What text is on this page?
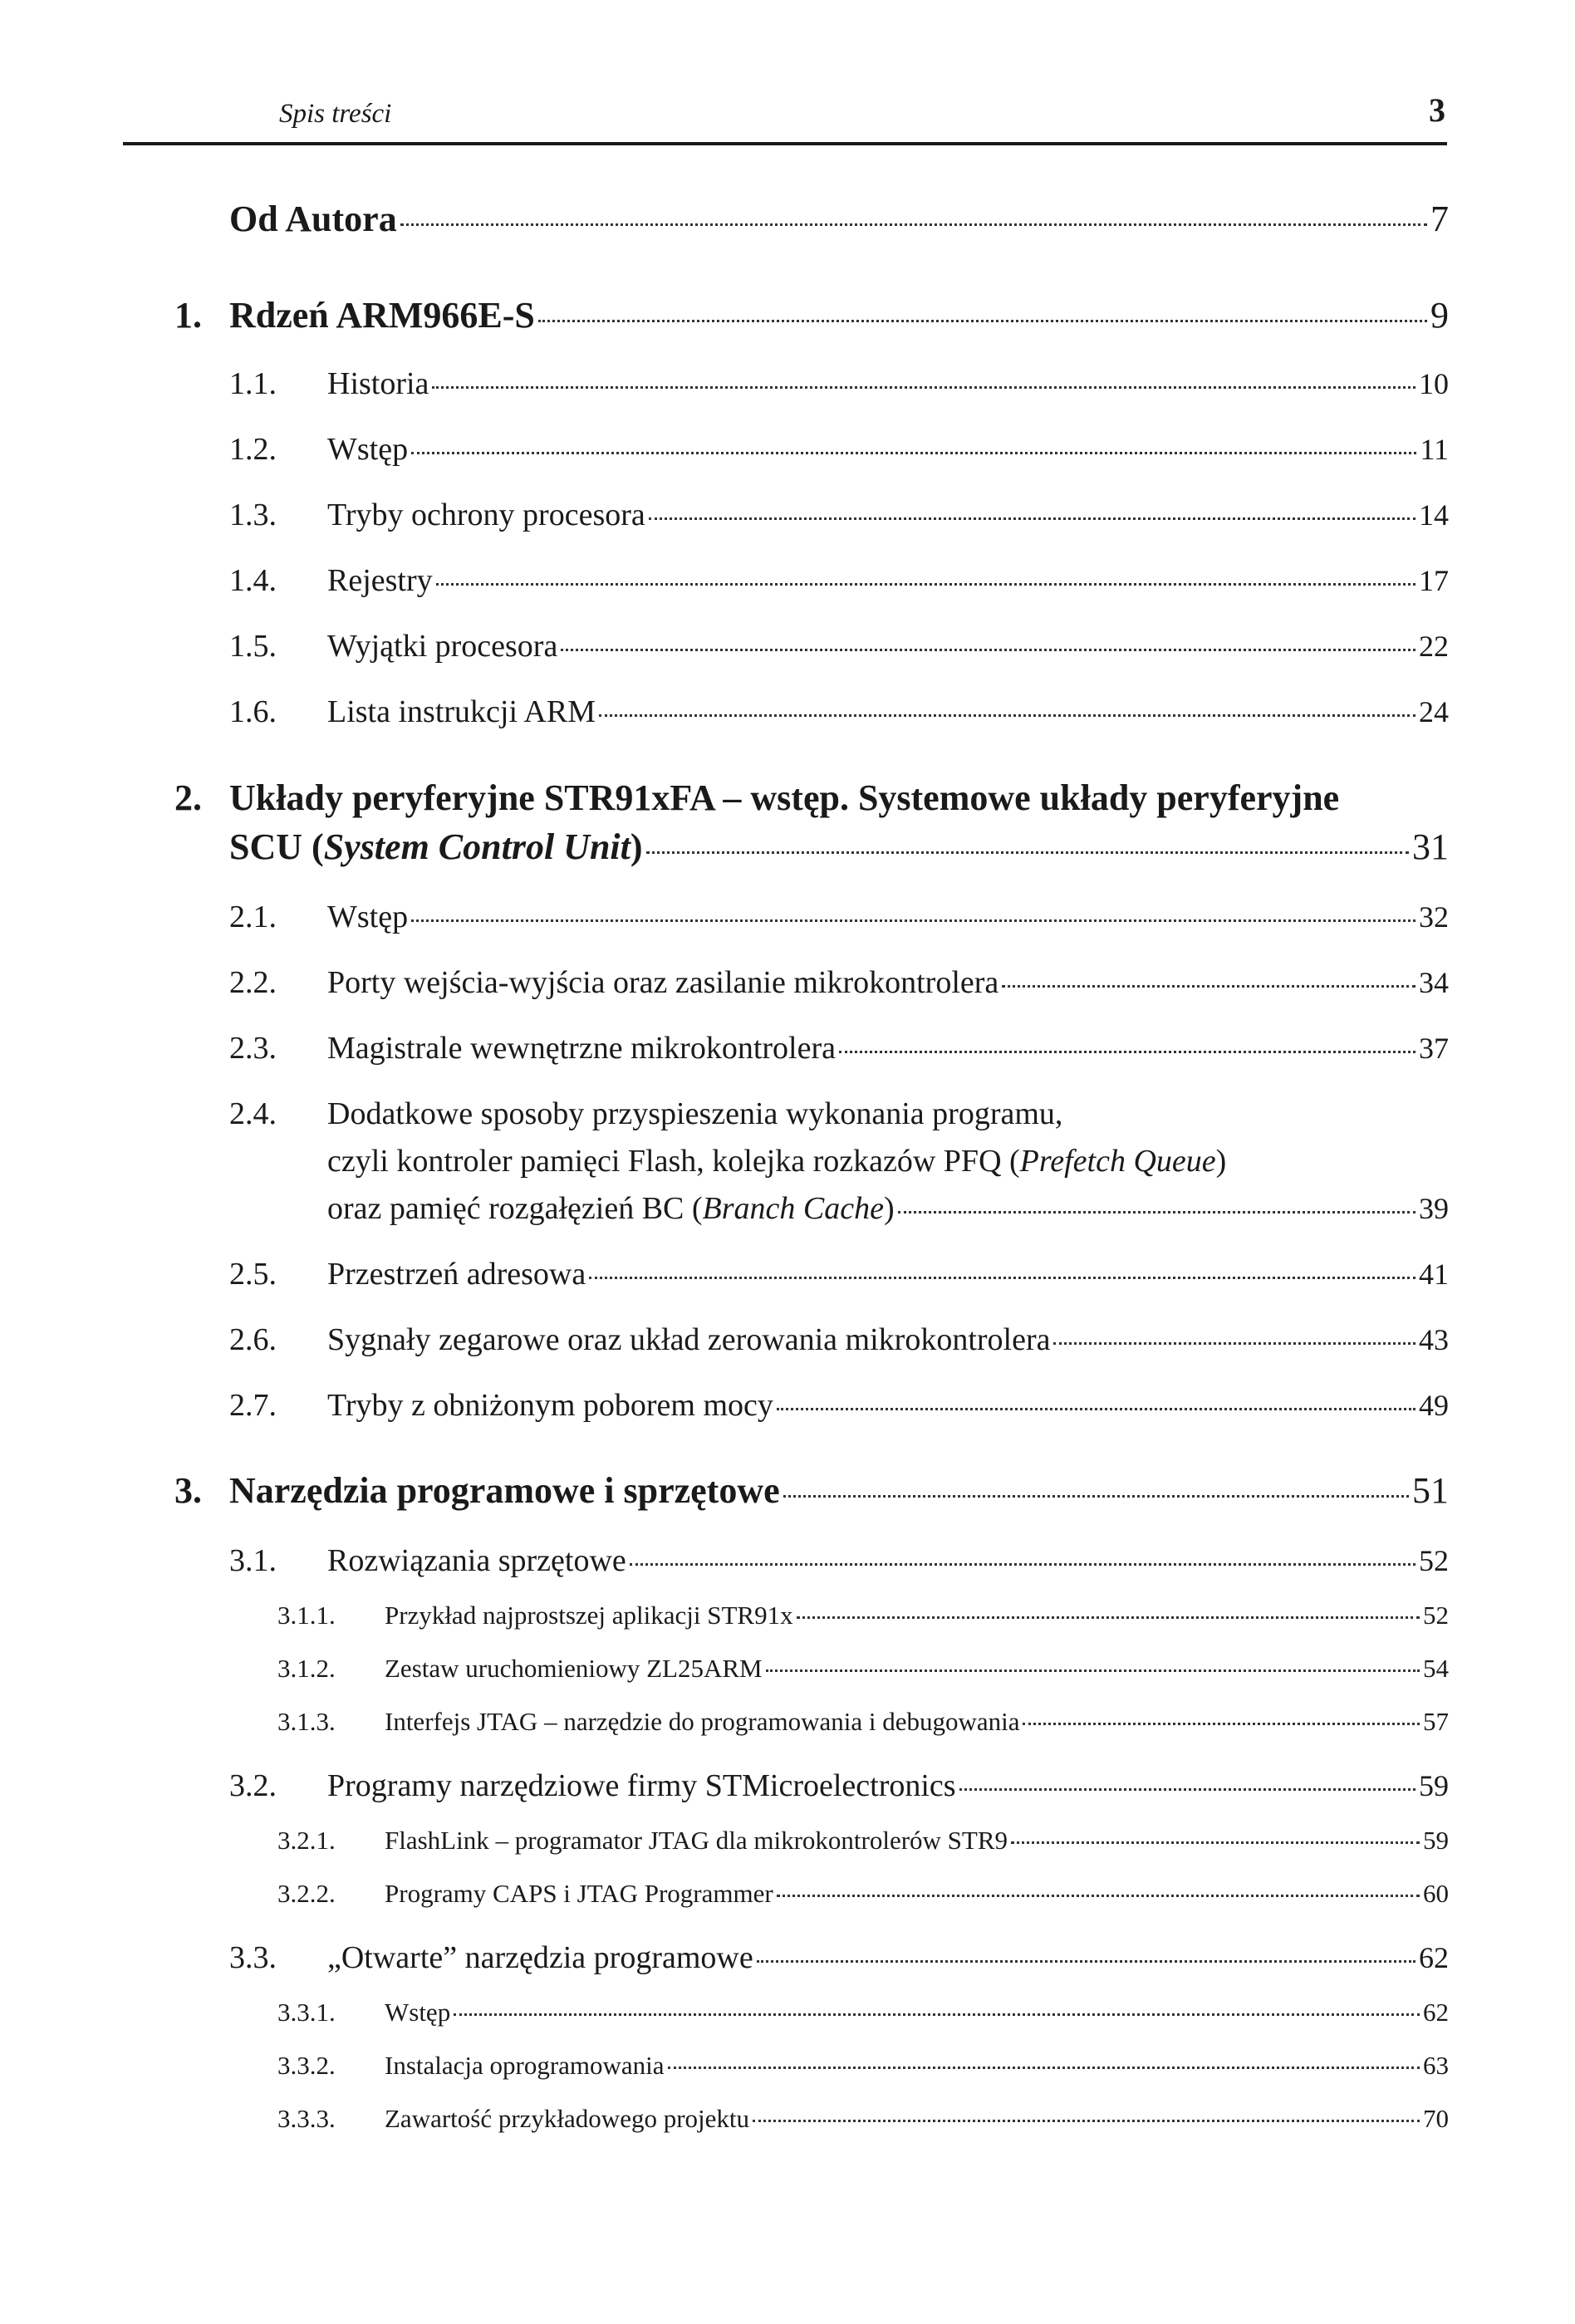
Spis treści	3
Od Autora	7
1. Rdzeń ARM966E-S	9
1.1. Historia	10
1.2. Wstęp	11
1.3. Tryby ochrony procesora	14
1.4. Rejestry	17
1.5. Wyjątki procesora	22
1.6. Lista instrukcji ARM	24
2. Układy peryferyjne STR91xFA – wstęp. Systemowe układy peryferyjne
SCU (System Control Unit)	31
2.1. Wstęp	32
2.2. Porty wejścia-wyjścia oraz zasilanie mikrokontrolera	34
2.3. Magistrale wewnętrzne mikrokontrolera	37
2.4. Dodatkowe sposoby przyspieszenia wykonania programu,
czyli kontroler pamięci Flash, kolejka rozkazów PFQ (Prefetch Queue)
oraz pamięć rozgałęzień BC (Branch Cache)	39
2.5. Przestrzeń adresowa	41
2.6. Sygnały zegarowe oraz układ zerowania mikrokontrolera	43
2.7. Tryby z obniżonym poborem mocy	49
3. Narzędzia programowe i sprzętowe	51
3.1. Rozwiązania sprzętowe	52
3.1.1. Przykład najprostszej aplikacji STR91x	52
3.1.2. Zestaw uruchomieniowy ZL25ARM	54
3.1.3. Interfejs JTAG – narzędzie do programowania i debugowania	57
3.2. Programy narzędziowe firmy STMicroelectronics	59
3.2.1. FlashLink – programator JTAG dla mikrokontrolerów STR9	59
3.2.2. Programy CAPS i JTAG Programmer	60
3.3. „Otwarte” narzędzia programowe	62
3.3.1. Wstęp	62
3.3.2. Instalacja oprogramowania	63
3.3.3. Zawartość przykładowego projektu	70
